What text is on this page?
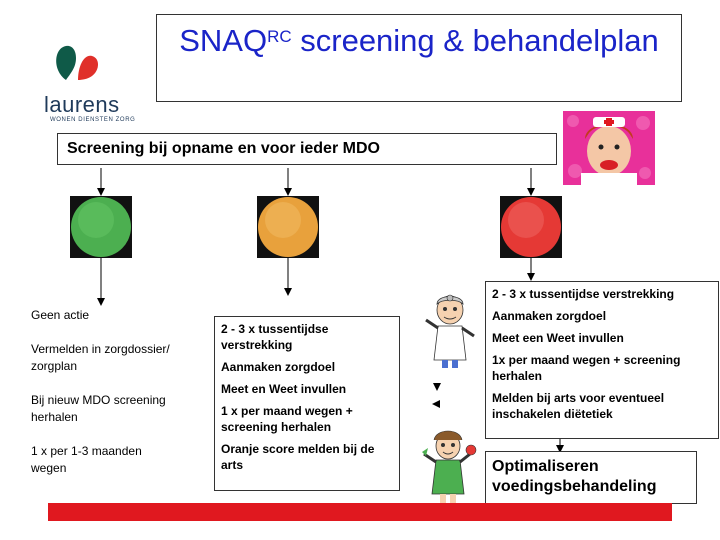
laurens
WONEN DIENSTEN ZORG
$SNAQ^{RC}$ screening & behandelplan
Screening bij opname en voor ieder MDO

Geen actie

Vermelden in zorgdossier/ zorgplan

Bij nieuw MDO screening herhalen

1 x per 1-3 maanden wegen

2 - 3 x tussentijdse verstrekking

Aanmaken zorgdoel

Meet en Weet invullen

1 x per maand wegen + screening herhalen

Oranje score melden bij de arts

2 - 3 x tussentijdse verstrekking

Aanmaken zorgdoel

Meet een Weet invullen

1x per maand wegen + screening herhalen

Melden bij arts voor eventueel inschakelen diëtetiek

Optimaliseren voedingsbehandeling
